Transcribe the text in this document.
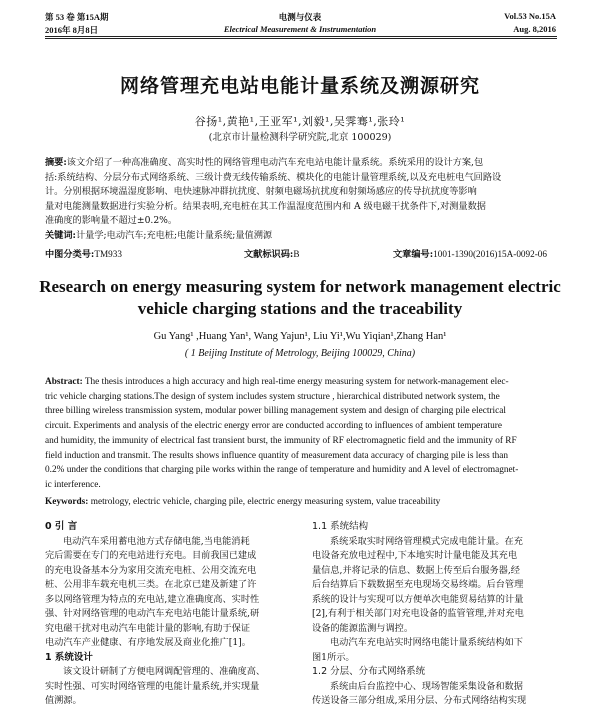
第 53 卷 第15A期
2016年 8月8日
电测与仪表
Electrical Measurement & Instrumentation
Vol.53 No.15A
Aug. 8,2016
网络管理充电站电能计量系统及溯源研究
谷扬¹,黄艳¹,王亚军¹,刘毅¹,吴霁骞¹,张玲¹
(北京市计量检测科学研究院,北京 100029)

摘要:该文介绍了一种高准确度、高实时性的网络管理电动汽车充电站电能计量系统。系统采用的设计方案,包

括:系统结构、分层分布式网络系统、三级计费无线传输系统、模块化的电能计量管理系统,以及充电桩电气回路设

计。分别根据环境温湿度影响、电快速脉冲群抗扰度、射频电磁场抗扰度和射频场感应的传导抗扰度等影响

量对电能测量数据进行实验分析。结果表明,充电桩在其工作温湿度范围内和 A 级电磁干扰条件下,对测量数据

准确度的影响量不超过±0.2%。

关键词:计量学;电动汽车;充电桩;电能计量系统;量值溯源

中图分类号:TM933	文献标识码:B	文章编号:1001-1390(2016)15A-0092-06
Research on energy measuring system for network management electric
vehicle charging stations and the traceability
Gu Yang¹ ,Huang Yan¹, Wang Yajun¹, Liu Yi¹,Wu Yiqian¹,Zhang Han¹
( 1 Beijing Institute of Metrology, Beijing 100029, China)

Abstract: The thesis introduces a high accuracy and high real-time energy measuring system for network-management elec-

tric vehicle charging stations.The design of system includes system structure , hierarchical distributed network system, the

three billing wireless transmission system, modular power billing management system and design of charging pile electrical

circuit. Experiments and analysis of the electric energy error are conducted according to influences of ambient temperature

and humidity, the immunity of electrical fast transient burst, the immunity of RF electromagnetic field and the immunity of RF

field induction and transmit. The results shows influence quantity of measurement data accuracy of charging pile is less than

0.2% under the conditions that charging pile works within the range of temperature and humidity and A level of electromagnet-

ic interference.

Keywords: metrology, electric vehicle, charging pile, electric energy measuring system, value traceability

0 引 言

电动汽车采用蓄电池方式存储电能,当电能消耗

完后需要在专门的充电站进行充电。目前我国已建成

的充电设备基本分为家用交流充电桩、公用交流充电

桩、公用非车载充电机三类。在北京已建及新建了许

多以网络管理为特点的充电站,建立准确度高、实时性

强、针对网络管理的电动汽车充电站电能计量系统,研

究电磁干扰对电动汽车电能计量的影响,有助于保证

电动汽车产业健康、有序地发展及商业化推广[1]。

1 系统设计

该文设计研制了方便电网调配管理的、准确度高、

实时性强、可实时网络管理的电能计量系统,并实现量

值溯源。

1.1 系统结构

系统采取实时网络管理模式完成电能计量。在充

电设备充放电过程中,下本地实时计量电能及其充电

量信息,并将记录的信息、数据上传至后台服务器,经

后台结算后下载数据至充电现场交易终端。后台管理

系统的设计与实现可以方便单次电能贸易结算的计量

[2],有利于相关部门对充电设备的监管管理,并对充电

设备的能源监测与调控。

电动汽车充电站实时网络电能计量系统结构如下

图1所示。

1.2 分层、分布式网络系统

系统由后台监控中心、现场智能采集设备和数据

传送设备三部分组成,采用分层、分布式网络结构实现
